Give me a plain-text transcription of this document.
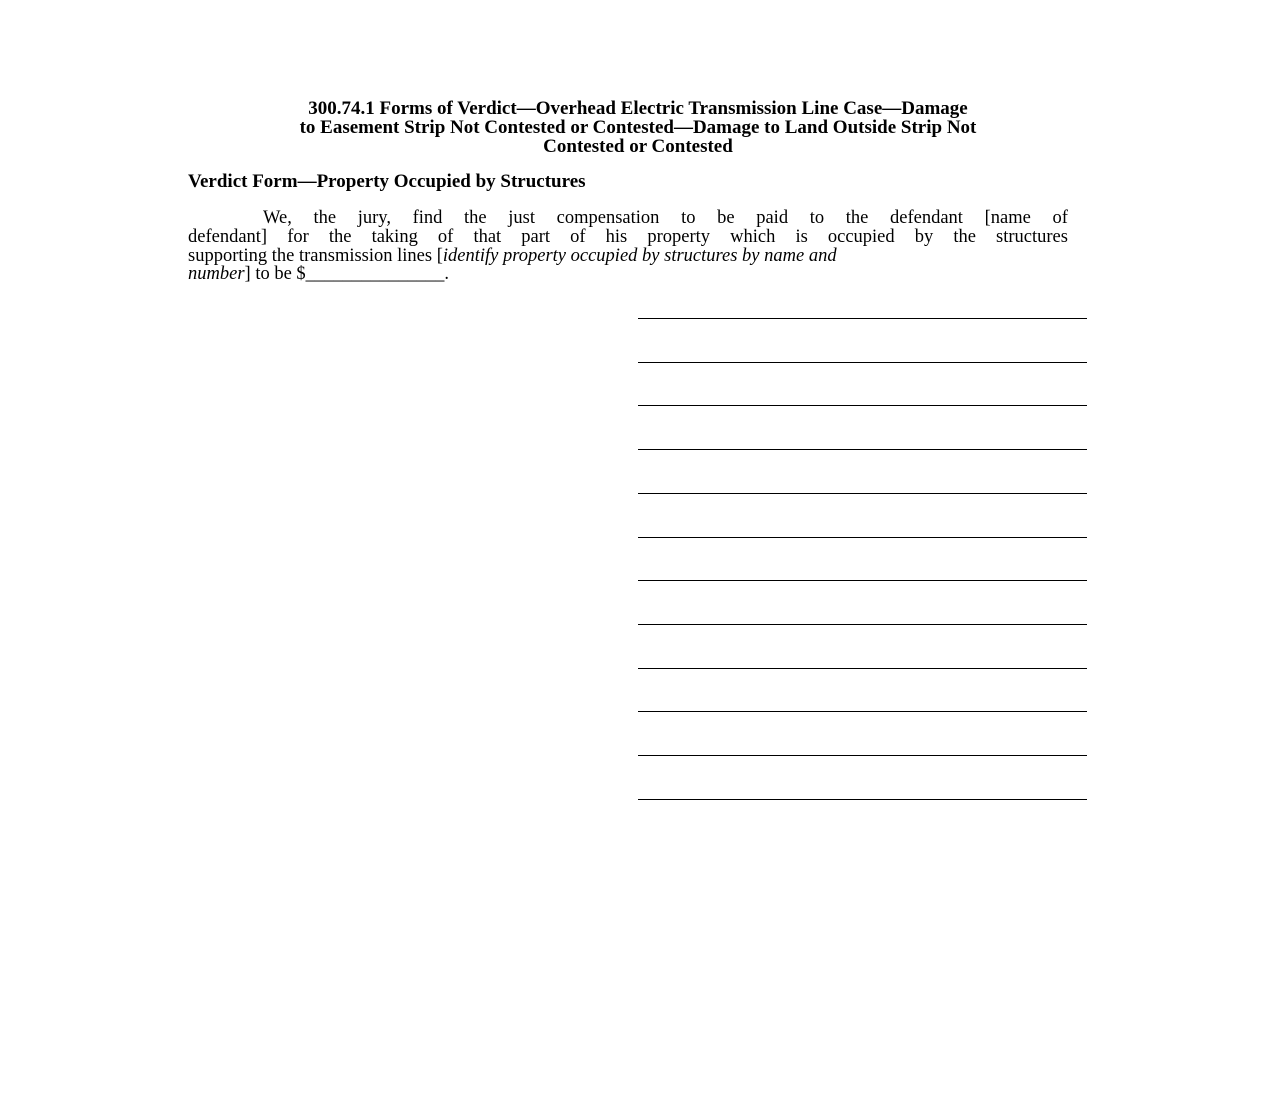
300.74.1 Forms of Verdict—Overhead Electric Transmission Line Case—Damage
to Easement Strip Not Contested or Contested—Damage to Land Outside Strip Not
Contested or Contested
Verdict Form—Property Occupied by Structures

We, the jury, find the just compensation to be paid to the defendant [name of
defendant] for the taking of that part of his property which is occupied by the structures
supporting the transmission lines [identify property occupied by structures by name and
number] to be $_______________.
